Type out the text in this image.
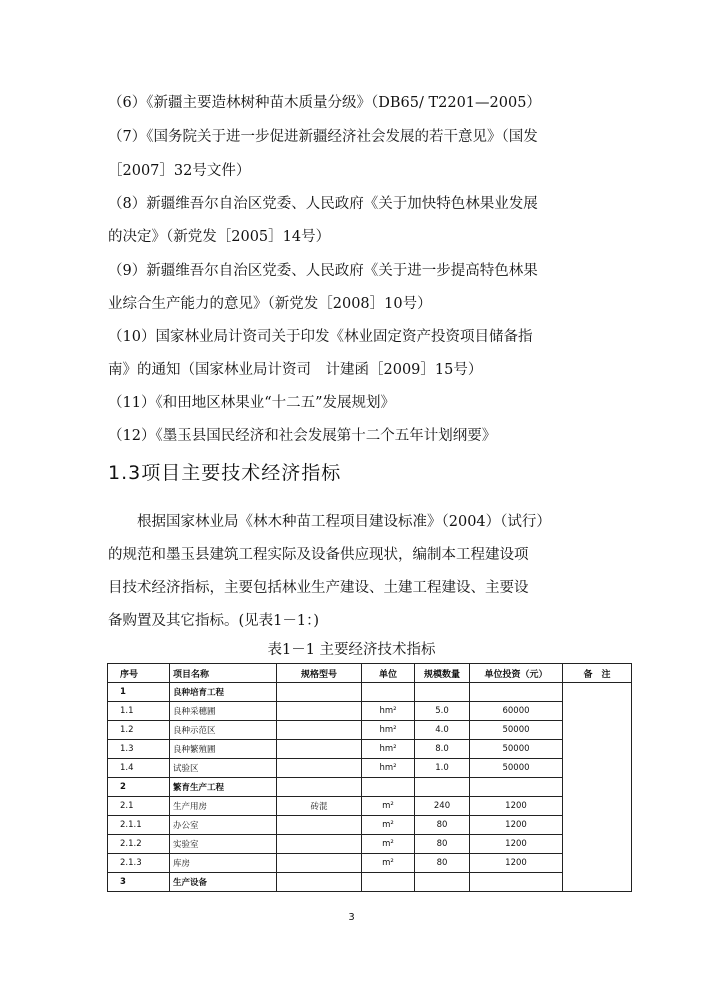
（6）《新疆主要造林树种苗木质量分级》（DB65/ T2201—2005）
（7）《国务院关于进一步促进新疆经济社会发展的若干意见》（国发
［2007］32号文件）
（8）新疆维吾尔自治区党委、人民政府《关于加快特色林果业发展
的决定》（新党发［2005］14号）
（9）新疆维吾尔自治区党委、人民政府《关于进一步提高特色林果
业综合生产能力的意见》（新党发［2008］10号）
（10）国家林业局计资司关于印发《林业固定资产投资项目储备指
南》的通知（国家林业局计资司　计建函［2009］15号）
（11）《和田地区林果业“十二五”发展规划》
（12）《墨玉县国民经济和社会发展第十二个五年计划纲要》
1.3项目主要技术经济指标
　　根据国家林业局《林木种苗工程项目建设标准》（2004）（试行）
的规范和墨玉县建筑工程实际及设备供应现状，编制本工程建设项
目技术经济指标，主要包括林业生产建设、土建工程建设、主要设
备购置及其它指标。(见表1－1：)
表1－1 主要经济技术指标
序号	项目名称	规格型号	单位	规模数量	单位投资（元）	备　注
1	良种培育工程					
1.1	良种采穗圃		hm²	5.0	60000	
1.2	良种示范区		hm²	4.0	50000	
1.3	良种繁殖圃		hm²	8.0	50000	
1.4	试验区		hm²	1.0	50000	
2	繁育生产工程					
2.1	生产用房	砖混	m²	240	1200	
2.1.1	办公室		m²	80	1200	
2.1.2	实验室		m²	80	1200	
2.1.3	库房		m²	80	1200	
3	生产设备					
3
